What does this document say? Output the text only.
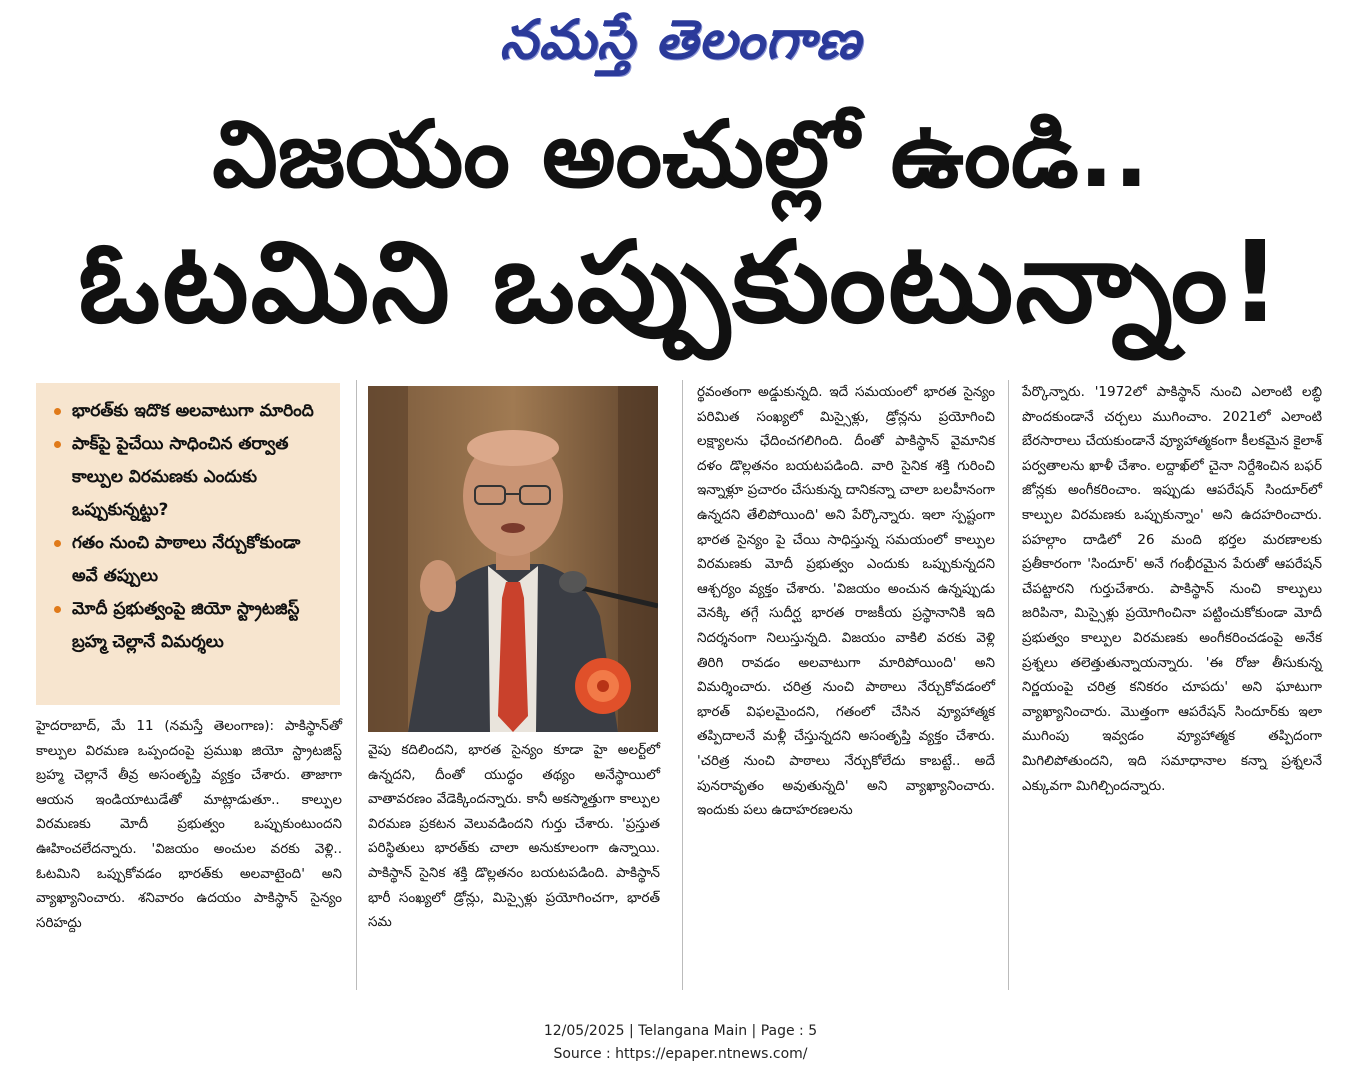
నమస్తే తెలంగాణ
విజయం అంచుల్లో ఉండి..
ఓటమిని ఒప్పుకుంటున్నాం!
భారత్‌కు ఇదొక అలవాటుగా మారింది
పాక్‌పై పైచేయి సాధించిన తర్వాత కాల్పుల విరమణకు ఎందుకు ఒప్పుకున్నట్టు?
గతం నుంచి పాఠాలు నేర్చుకోకుండా అవే తప్పులు
మోదీ ప్రభుత్వంపై జియో స్ట్రాటజిస్ట్ బ్రహ్మ చెల్లానే విమర్శలు

హైదరాబాద్, మే 11 (నమస్తే తెలంగాణ): పాకిస్థాన్‌తో కాల్పుల విరమణ ఒప్పందంపై ప్రముఖ జియో స్ట్రాటజిస్ట్ బ్రహ్మ చెల్లానే తీవ్ర అసంతృప్తి వ్యక్తం చేశారు. తాజాగా ఆయన ఇండియాటుడేతో మాట్లాడుతూ.. కాల్పుల విరమణకు మోదీ ప్రభుత్వం ఒప్పుకుంటుందని ఊహించలేదన్నారు. 'విజయం అంచుల వరకు వెళ్లి.. ఓటమిని ఒప్పుకోవడం భారత్‌కు అలవాటైంది' అని వ్యాఖ్యానించారు. శనివారం ఉదయం పాకిస్థాన్ సైన్యం సరిహద్దు

వైపు కదిలిందని, భారత సైన్యం కూడా హై అలర్ట్‌లో ఉన్నదని, దీంతో యుద్ధం తథ్యం అనేస్థాయిలో వాతావరణం వేడెక్కిందన్నారు. కానీ అకస్మాత్తుగా కాల్పుల విరమణ ప్రకటన వెలువడిందని గుర్తు చేశారు. 'ప్రస్తుత పరిస్థితులు భారత్‌కు చాలా అనుకూలంగా ఉన్నాయి. పాకిస్థాన్ సైనిక శక్తి డొల్లతనం బయటపడింది. పాకిస్థాన్ భారీ సంఖ్యలో డ్రోన్లు, మిస్సైళ్లు ప్రయోగించగా, భారత్ సమ

ర్థవంతంగా అడ్డుకున్నది. ఇదే సమయంలో భారత సైన్యం పరిమిత సంఖ్యలో మిస్సైళ్లు, డ్రోన్లను ప్రయోగించి లక్ష్యాలను ఛేదించగలిగింది. దీంతో పాకిస్థాన్ వైమానిక దళం డొల్లతనం బయటపడింది. వారి సైనిక శక్తి గురించి ఇన్నాళ్లూ ప్రచారం చేసుకున్న దానికన్నా చాలా బలహీనంగా ఉన్నదని తేలిపోయింది' అని పేర్కొన్నారు. ఇలా స్పష్టంగా భారత సైన్యం పై చేయి సాధిస్తున్న సమయంలో కాల్పుల విరమణకు మోదీ ప్రభుత్వం ఎందుకు ఒప్పుకున్నదని ఆశ్చర్యం వ్యక్తం చేశారు. 'విజయం అంచున ఉన్నప్పుడు వెనక్కి తగ్గే సుదీర్ఘ భారత రాజకీయ ప్రస్థానానికి ఇది నిదర్శనంగా నిలుస్తున్నది. విజయం వాకిలి వరకు వెళ్లి తిరిగి రావడం అలవాటుగా మారిపోయింది' అని విమర్శించారు. చరిత్ర నుంచి పాఠాలు నేర్చుకోవడంలో భారత్ విఫలమైందని, గతంలో చేసిన వ్యూహాత్మక తప్పిదాలనే మళ్లీ చేస్తున్నదని అసంతృప్తి వ్యక్తం చేశారు. 'చరిత్ర నుంచి పాఠాలు నేర్చుకోలేదు కాబట్టే.. అదే పునరావృతం అవుతున్నది' అని వ్యాఖ్యానించారు. ఇందుకు పలు ఉదాహరణలను

పేర్కొన్నారు. '1972లో పాకిస్థాన్ నుంచి ఎలాంటి లబ్ధి పొందకుండానే చర్చలు ముగించాం. 2021లో ఎలాంటి బేరసారాలు చేయకుండానే వ్యూహాత్మకంగా కీలకమైన కైలాశ్ పర్వతాలను ఖాళీ చేశాం. లద్దాఖ్‌లో చైనా నిర్దేశించిన బఫర్ జోన్లకు అంగీకరించాం. ఇప్పుడు ఆపరేషన్ సిందూర్‌లో కాల్పుల విరమణకు ఒప్పుకున్నాం' అని ఉదహరించారు. పహల్గాం దాడిలో 26 మంది భర్తల మరణాలకు ప్రతీకారంగా 'సిందూర్' అనే గంభీరమైన పేరుతో ఆపరేషన్ చేపట్టారని గుర్తుచేశారు. పాకిస్థాన్ నుంచి కాల్పులు జరిపినా, మిస్సైళ్లు ప్రయోగించినా పట్టించుకోకుండా మోదీ ప్రభుత్వం కాల్పుల విరమణకు అంగీకరించడంపై అనేక ప్రశ్నలు తలెత్తుతున్నాయన్నారు. 'ఈ రోజు తీసుకున్న నిర్ణయంపై చరిత్ర కనికరం చూపదు' అని ఘాటుగా వ్యాఖ్యానించారు. మొత్తంగా ఆపరేషన్ సిందూర్‌కు ఇలా ముగింపు ఇవ్వడం వ్యూహాత్మక తప్పిదంగా మిగిలిపోతుందని, ఇది సమాధానాల కన్నా ప్రశ్నలనే ఎక్కువగా మిగిల్చిందన్నారు.

12/05/2025 | Telangana Main | Page : 5
Source : https://epaper.ntnews.com/
